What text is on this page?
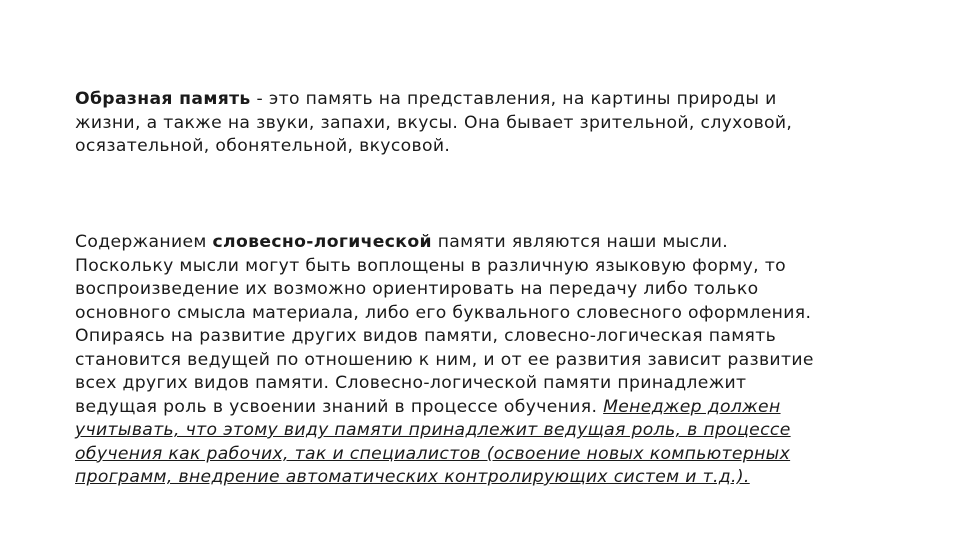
Образная память - это память на представления, на картины природы и
жизни, а также на звуки, запахи, вкусы. Она бывает зрительной, слуховой,
осязательной, обонятельной, вкусовой.

Содержанием словесно-логической памяти являются наши мысли.
Поскольку мысли могут быть воплощены в различную языковую форму, то
воспроизведение их возможно ориентировать на передачу либо только
основного смысла материала, либо его буквального словесного оформления.
Опираясь на развитие других видов памяти, словесно-логическая память
становится ведущей по отношению к ним, и от ее развития зависит развитие
всех других видов памяти. Словесно-логической памяти принадлежит
ведущая роль в усвоении знаний в процессе обучения. Менеджер должен
учитывать, что этому виду памяти принадлежит ведущая роль, в процессе
обучения как рабочих, так и специалистов (освоение новых компьютерных
программ, внедрение автоматических контролирующих систем и т.д.).
